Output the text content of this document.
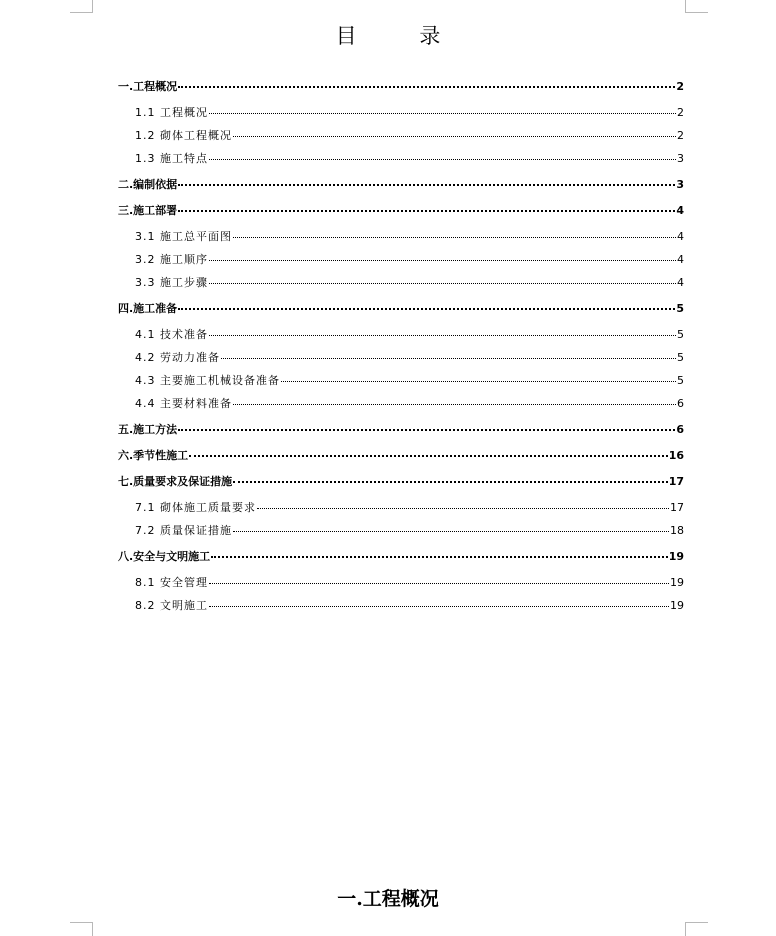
目 录
一.工程概况	2
1.1 工程概况	2
1.2 砌体工程概况	2
1.3 施工特点	3
二.编制依据	3
三.施工部署	4
3.1 施工总平面图	4
3.2 施工顺序	4
3.3 施工步骤	4
四.施工准备	5
4.1 技术准备	5
4.2 劳动力准备	5
4.3 主要施工机械设备准备	5
4.4 主要材料准备	6
五.施工方法	6
六.季节性施工	16
七.质量要求及保证措施	17
7.1 砌体施工质量要求	17
7.2 质量保证措施	18
八.安全与文明施工	19
8.1 安全管理	19
8.2 文明施工	19
一.工程概况
